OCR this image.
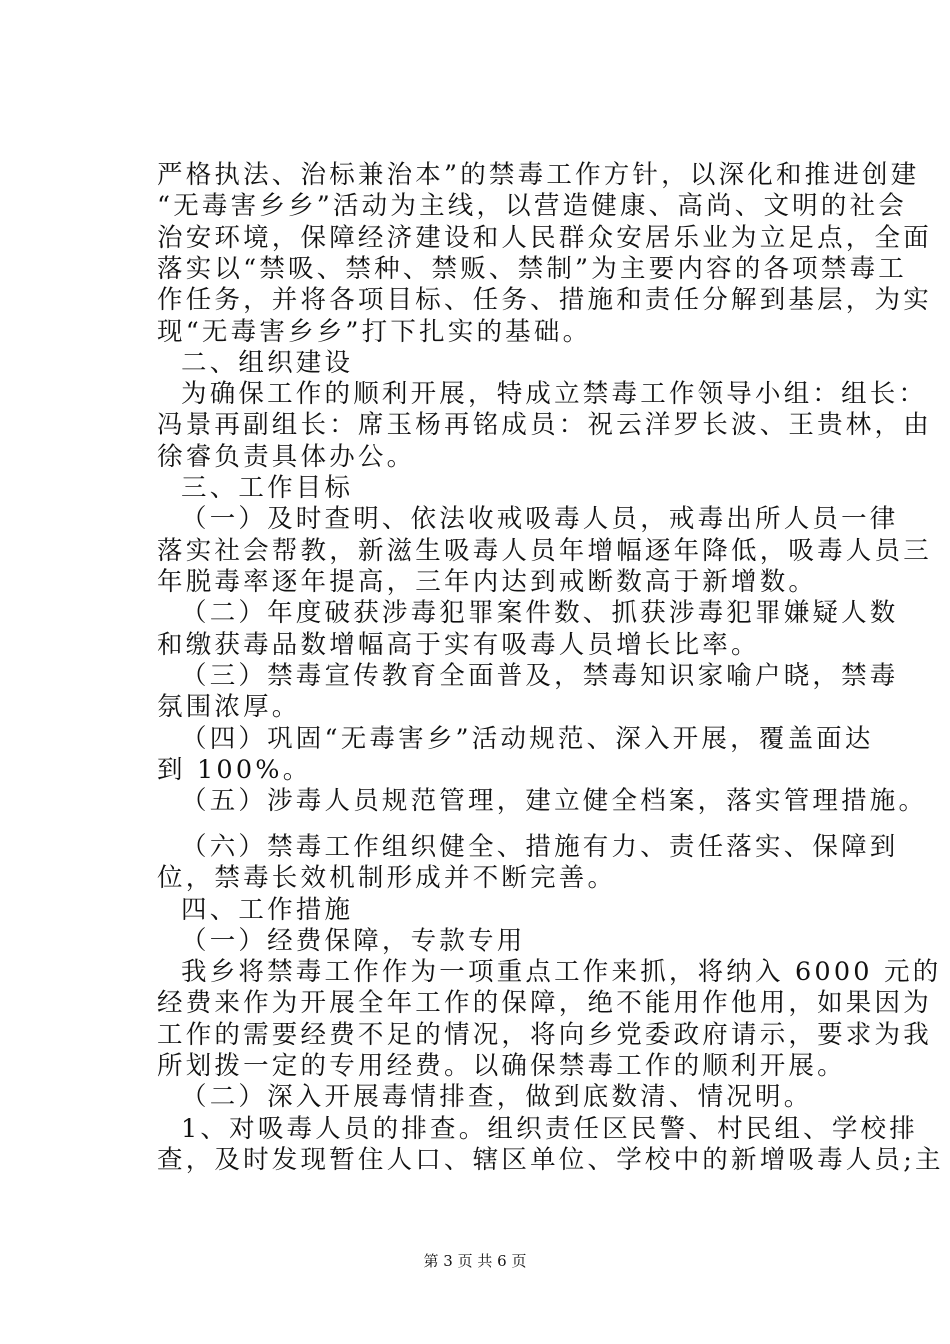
严格执法、治标兼治本”的禁毒工作方针，以深化和推进创建
“无毒害乡乡”活动为主线，以营造健康、高尚、文明的社会
治安环境，保障经济建设和人民群众安居乐业为立足点，全面
落实以“禁吸、禁种、禁贩、禁制”为主要内容的各项禁毒工
作任务，并将各项目标、任务、措施和责任分解到基层，为实
现“无毒害乡乡”打下扎实的基础。
二、组织建设
为确保工作的顺利开展，特成立禁毒工作领导小组：组长：
冯景再副组长：席玉杨再铭成员：祝云洋罗长波、王贵林，由
徐睿负责具体办公。
三、工作目标
（一）及时查明、依法收戒吸毒人员，戒毒出所人员一律
落实社会帮教，新滋生吸毒人员年增幅逐年降低，吸毒人员三
年脱毒率逐年提高，三年内达到戒断数高于新增数。
（二）年度破获涉毒犯罪案件数、抓获涉毒犯罪嫌疑人数
和缴获毒品数增幅高于实有吸毒人员增长比率。
（三）禁毒宣传教育全面普及，禁毒知识家喻户晓，禁毒
氛围浓厚。
（四）巩固“无毒害乡”活动规范、深入开展，覆盖面达
到 100%。
（五）涉毒人员规范管理，建立健全档案，落实管理措施。
（六）禁毒工作组织健全、措施有力、责任落实、保障到
位，禁毒长效机制形成并不断完善。
四、工作措施
（一）经费保障，专款专用
我乡将禁毒工作作为一项重点工作来抓，将纳入 6000 元的
经费来作为开展全年工作的保障，绝不能用作他用，如果因为
工作的需要经费不足的情况，将向乡党委政府请示，要求为我
所划拨一定的专用经费。以确保禁毒工作的顺利开展。
（二）深入开展毒情排查，做到底数清、情况明。
1、对吸毒人员的排查。组织责任区民警、村民组、学校排
查，及时发现暂住人口、辖区单位、学校中的新增吸毒人员;主
第 3 页 共 6 页
